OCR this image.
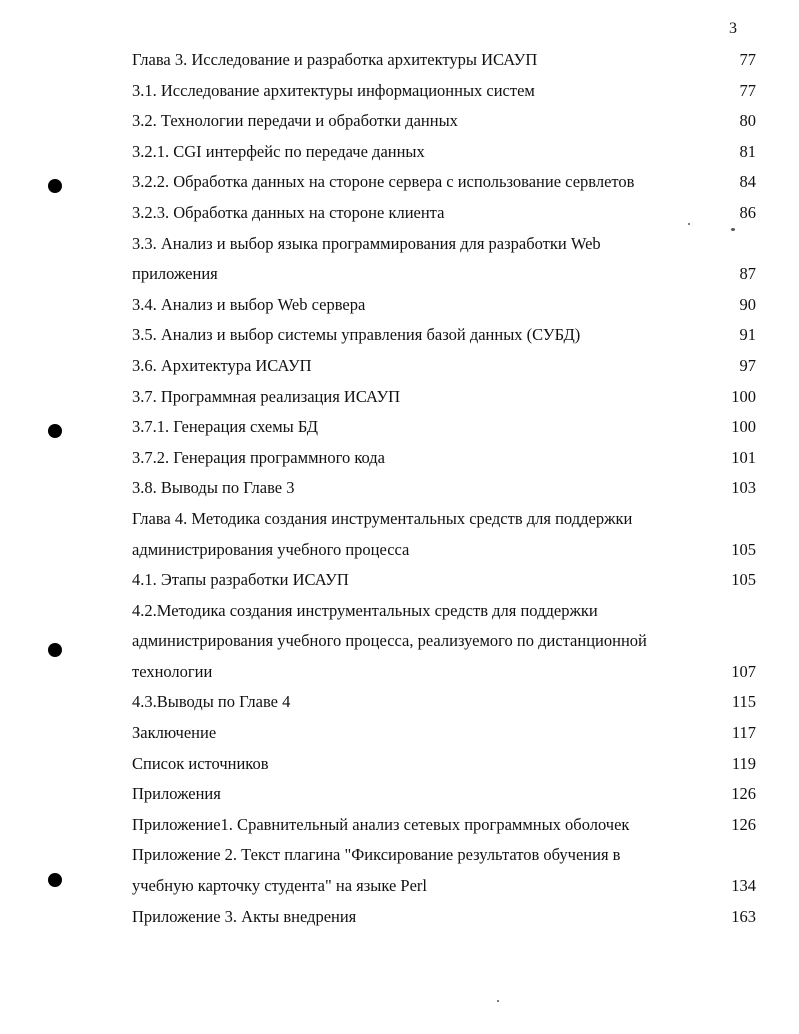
3
Глава 3. Исследование и разработка архитектуры ИСАУП	77
3.1. Исследование архитектуры информационных систем	77
3.2. Технологии передачи и обработки данных	80
3.2.1. CGI интерфейс по передаче данных	81
3.2.2. Обработка данных на стороне сервера с использование сервлетов	84
3.2.3. Обработка данных на стороне клиента	86
3.3. Анализ и выбор языка программирования для разработки Web
приложения	87
3.4. Анализ и выбор Web сервера	90
3.5. Анализ и выбор системы управления базой данных (СУБД)	91
3.6. Архитектура ИСАУП	97
3.7. Программная реализация ИСАУП	100
3.7.1. Генерация схемы БД	100
3.7.2. Генерация программного кода	101
3.8. Выводы по Главе 3	103
Глава 4. Методика создания инструментальных средств для поддержки
администрирования учебного процесса	105
4.1. Этапы разработки ИСАУП	105
4.2.Методика создания инструментальных средств для поддержки
администрирования учебного процесса, реализуемого по дистанционной
технологии	107
4.3.Выводы по Главе 4	115
Заключение	117
Список источников	119
Приложения	126
Приложение1. Сравнительный анализ сетевых программных оболочек	126
Приложение 2. Текст плагина "Фиксирование результатов обучения в
учебную карточку студента" на языке Perl	134
Приложение 3. Акты внедрения	163
